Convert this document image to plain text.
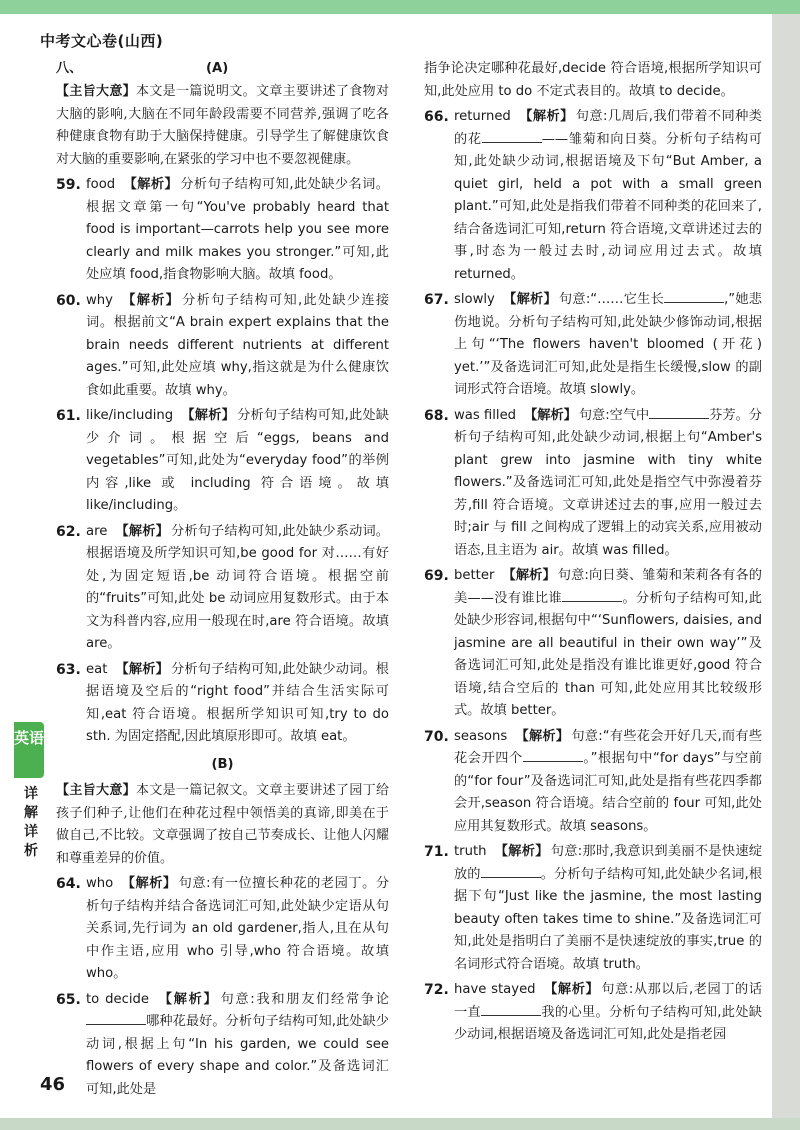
中考文心卷(山西)
八、	(A)

【主旨大意】本文是一篇说明文。文章主要讲述了食物对大脑的影响,大脑在不同年龄段需要不同营养,强调了吃各种健康食物有助于大脑保持健康。引导学生了解健康饮食对大脑的重要影响,在紧张的学习中也不要忽视健康。

59. food 【解析】 分析句子结构可知,此处缺少名词。根据文章第一句“You've probably heard that food is important—carrots help you see more clearly and milk makes you stronger.”可知,此处应填 food,指食物影响大脑。故填 food。
60. why 【解析】 分析句子结构可知,此处缺少连接词。根据前文“A brain expert explains that the brain needs different nutrients at different ages.”可知,此处应填 why,指这就是为什么健康饮食如此重要。故填 why。
61. like/including 【解析】 分析句子结构可知,此处缺少介词。根据空后“eggs, beans and vegetables”可知,此处为“everyday food”的举例内容,like 或 including 符合语境。故填 like/including。
62. are 【解析】 分析句子结构可知,此处缺少系动词。根据语境及所学知识可知,be good for 对……有好处,为固定短语,be 动词符合语境。根据空前的“fruits”可知,此处 be 动词应用复数形式。由于本文为科普内容,应用一般现在时,are 符合语境。故填 are。
63. eat 【解析】 分析句子结构可知,此处缺少动词。根据语境及空后的“right food”并结合生活实际可知,eat 符合语境。根据所学知识可知,try to do sth. 为固定搭配,因此填原形即可。故填 eat。
(B)

【主旨大意】本文是一篇记叙文。文章主要讲述了园丁给孩子们种子,让他们在种花过程中领悟美的真谛,即美在于做自己,不比较。文章强调了按自己节奏成长、让他人闪耀和尊重差异的价值。

64. who 【解析】 句意:有一位擅长种花的老园丁。分析句子结构并结合备选词汇可知,此处缺少定语从句关系词,先行词为 an old gardener,指人,且在从句中作主语,应用 who 引导,who 符合语境。故填 who。
65. to decide 【解析】 句意:我和朋友们经常争论哪种花最好。分析句子结构可知,此处缺少动词,根据上句“In his garden, we could see flowers of every shape and color.”及备选词汇可知,此处是

指争论决定哪种花最好,decide 符合语境,根据所学知识可知,此处应用 to do 不定式表目的。故填 to decide。

66. returned 【解析】 句意:几周后,我们带着不同种类的花	——雏菊和向日葵。分析句子结构可知,此处缺少动词,根据语境及下句“But Amber, a quiet girl, held a pot with a small green plant.”可知,此处是指我们带着不同种类的花回来了,结合备选词汇可知,return 符合语境,文章讲述过去的事,时态为一般过去时,动词应用过去式。故填 returned。
67. slowly 【解析】 句意:“……它生长	,”她悲伤地说。分析句子结构可知,此处缺少修饰动词,根据上句“‘The flowers haven't bloomed (开花) yet.’”及备选词汇可知,此处是指生长缓慢,slow 的副词形式符合语境。故填 slowly。
68. was filled 【解析】 句意:空气中	芬芳。分析句子结构可知,此处缺少动词,根据上句“Amber's plant grew into jasmine with tiny white flowers.”及备选词汇可知,此处是指空气中弥漫着芬芳,fill 符合语境。文章讲述过去的事,应用一般过去时;air 与 fill 之间构成了逻辑上的动宾关系,应用被动语态,且主语为 air。故填 was filled。
69. better 【解析】 句意:向日葵、雏菊和茉莉各有各的美——没有谁比谁	。分析句子结构可知,此处缺少形容词,根据句中“‘Sunflowers, daisies, and jasmine are all beautiful in their own way’”及备选词汇可知,此处是指没有谁比谁更好,good 符合语境,结合空后的 than 可知,此处应用其比较级形式。故填 better。
70. seasons 【解析】 句意:“有些花会开好几天,而有些花会开四个	。”根据句中“for days”与空前的“for four”及备选词汇可知,此处是指有些花四季都会开,season 符合语境。结合空前的 four 可知,此处应用其复数形式。故填 seasons。
71. truth 【解析】 句意:那时,我意识到美丽不是快速绽放的	。分析句子结构可知,此处缺少名词,根据下句“Just like the jasmine, the most lasting beauty often takes time to shine.”及备选词汇可知,此处是指明白了美丽不是快速绽放的事实,true 的名词形式符合语境。故填 truth。
72. have stayed 【解析】 句意:从那以后,老园丁的话一直	我的心里。分析句子结构可知,此处缺少动词,根据语境及备选词汇可知,此处是指老园
英语
详解详析
46
